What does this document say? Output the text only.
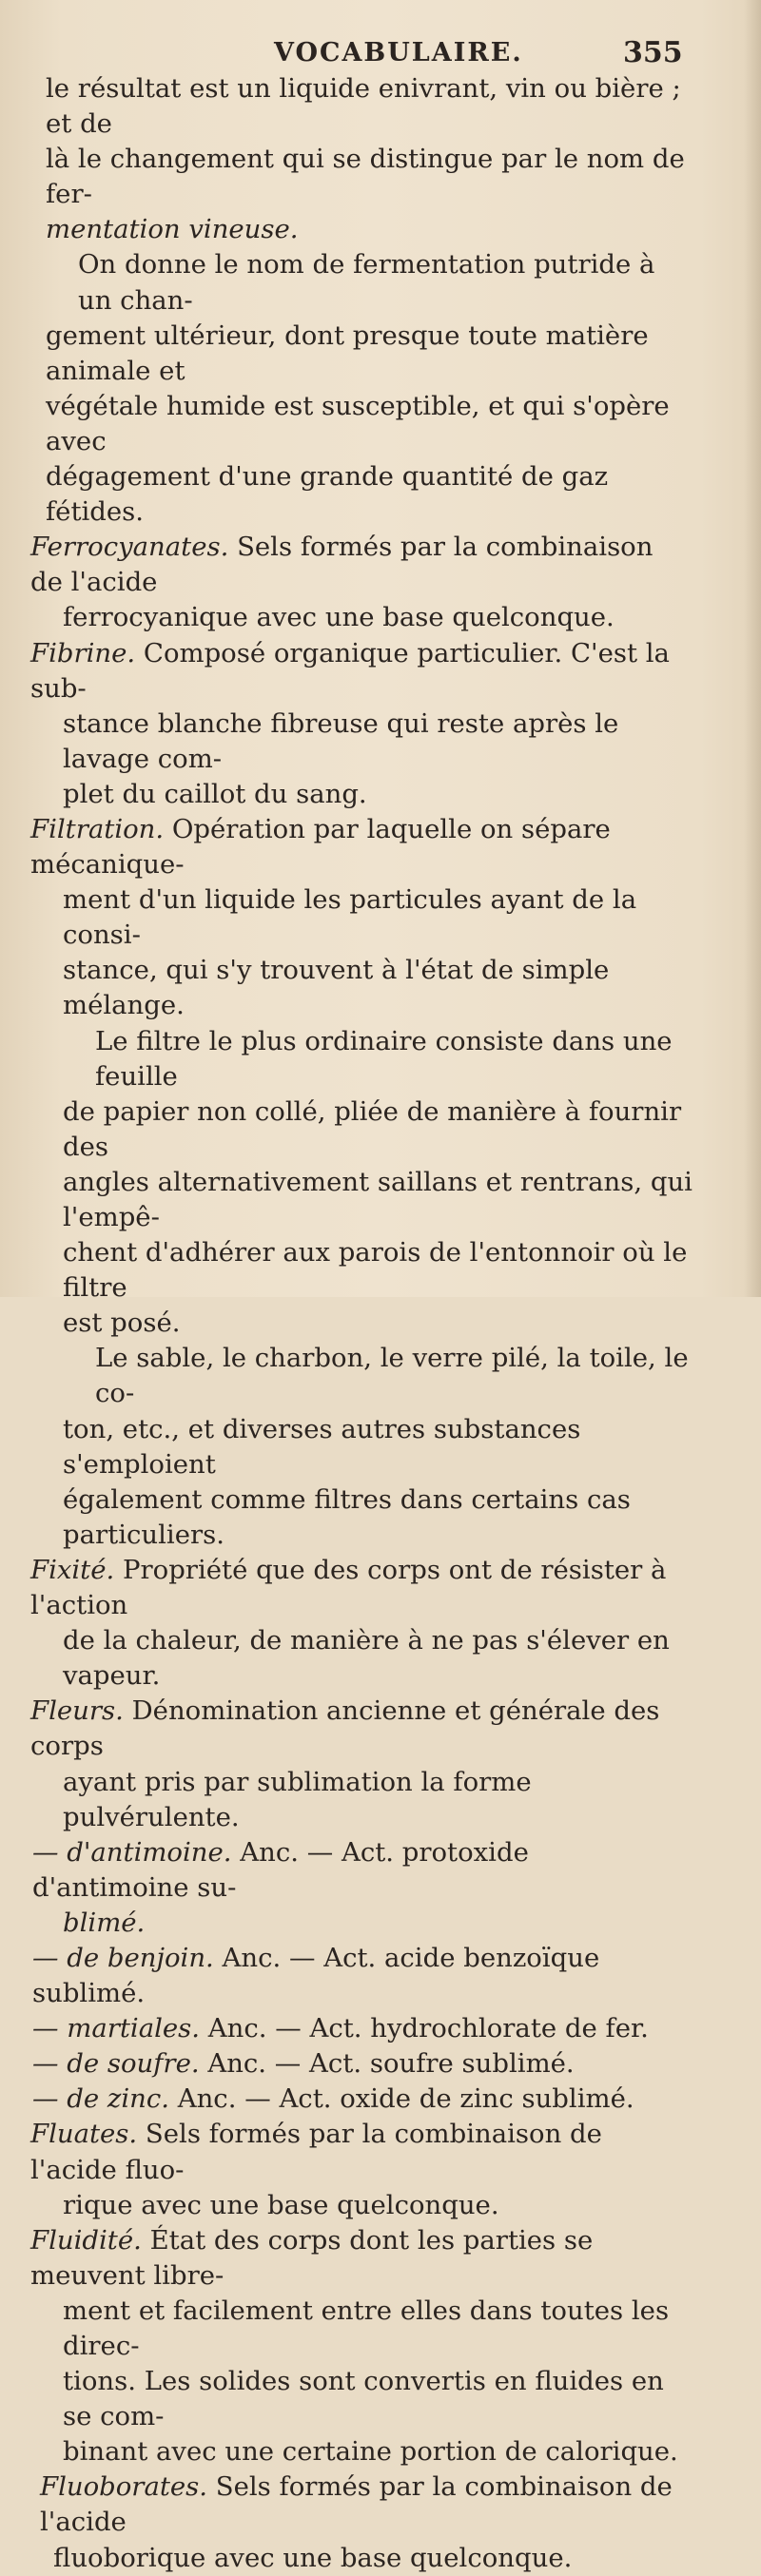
VOCABULAIRE.	355
le résultat est un liquide enivrant, vin ou bière ; et de
là le changement qui se distingue par le nom de fer-
mentation vineuse.
On donne le nom de fermentation putride à un chan-
gement ultérieur, dont presque toute matière animale et
végétale humide est susceptible, et qui s'opère avec
dégagement d'une grande quantité de gaz fétides.
Ferrocyanates. Sels formés par la combinaison de l'acide
ferrocyanique avec une base quelconque.
Fibrine. Composé organique particulier. C'est la sub-
stance blanche fibreuse qui reste après le lavage com-
plet du caillot du sang.
Filtration. Opération par laquelle on sépare mécanique-
ment d'un liquide les particules ayant de la consi-
stance, qui s'y trouvent à l'état de simple mélange.
Le filtre le plus ordinaire consiste dans une feuille
de papier non collé, pliée de manière à fournir des
angles alternativement saillans et rentrans, qui l'empê-
chent d'adhérer aux parois de l'entonnoir où le filtre
est posé.
Le sable, le charbon, le verre pilé, la toile, le co-
ton, etc., et diverses autres substances s'emploient
également comme filtres dans certains cas particuliers.
Fixité. Propriété que des corps ont de résister à l'action
de la chaleur, de manière à ne pas s'élever en vapeur.
Fleurs. Dénomination ancienne et générale des corps
ayant pris par sublimation la forme pulvérulente.
— d'antimoine. Anc. — Act. protoxide d'antimoine su-
blimé.
— de benjoin. Anc. — Act. acide benzoïque sublimé.
— martiales. Anc. — Act. hydrochlorate de fer.
— de soufre. Anc. — Act. soufre sublimé.
— de zinc. Anc. — Act. oxide de zinc sublimé.
Fluates. Sels formés par la combinaison de l'acide fluo-
rique avec une base quelconque.
Fluidité. État des corps dont les parties se meuvent libre-
ment et facilement entre elles dans toutes les direc-
tions. Les solides sont convertis en fluides en se com-
binant avec une certaine portion de calorique.
Fluoborates. Sels formés par la combinaison de l'acide
fluoborique avec une base quelconque.
